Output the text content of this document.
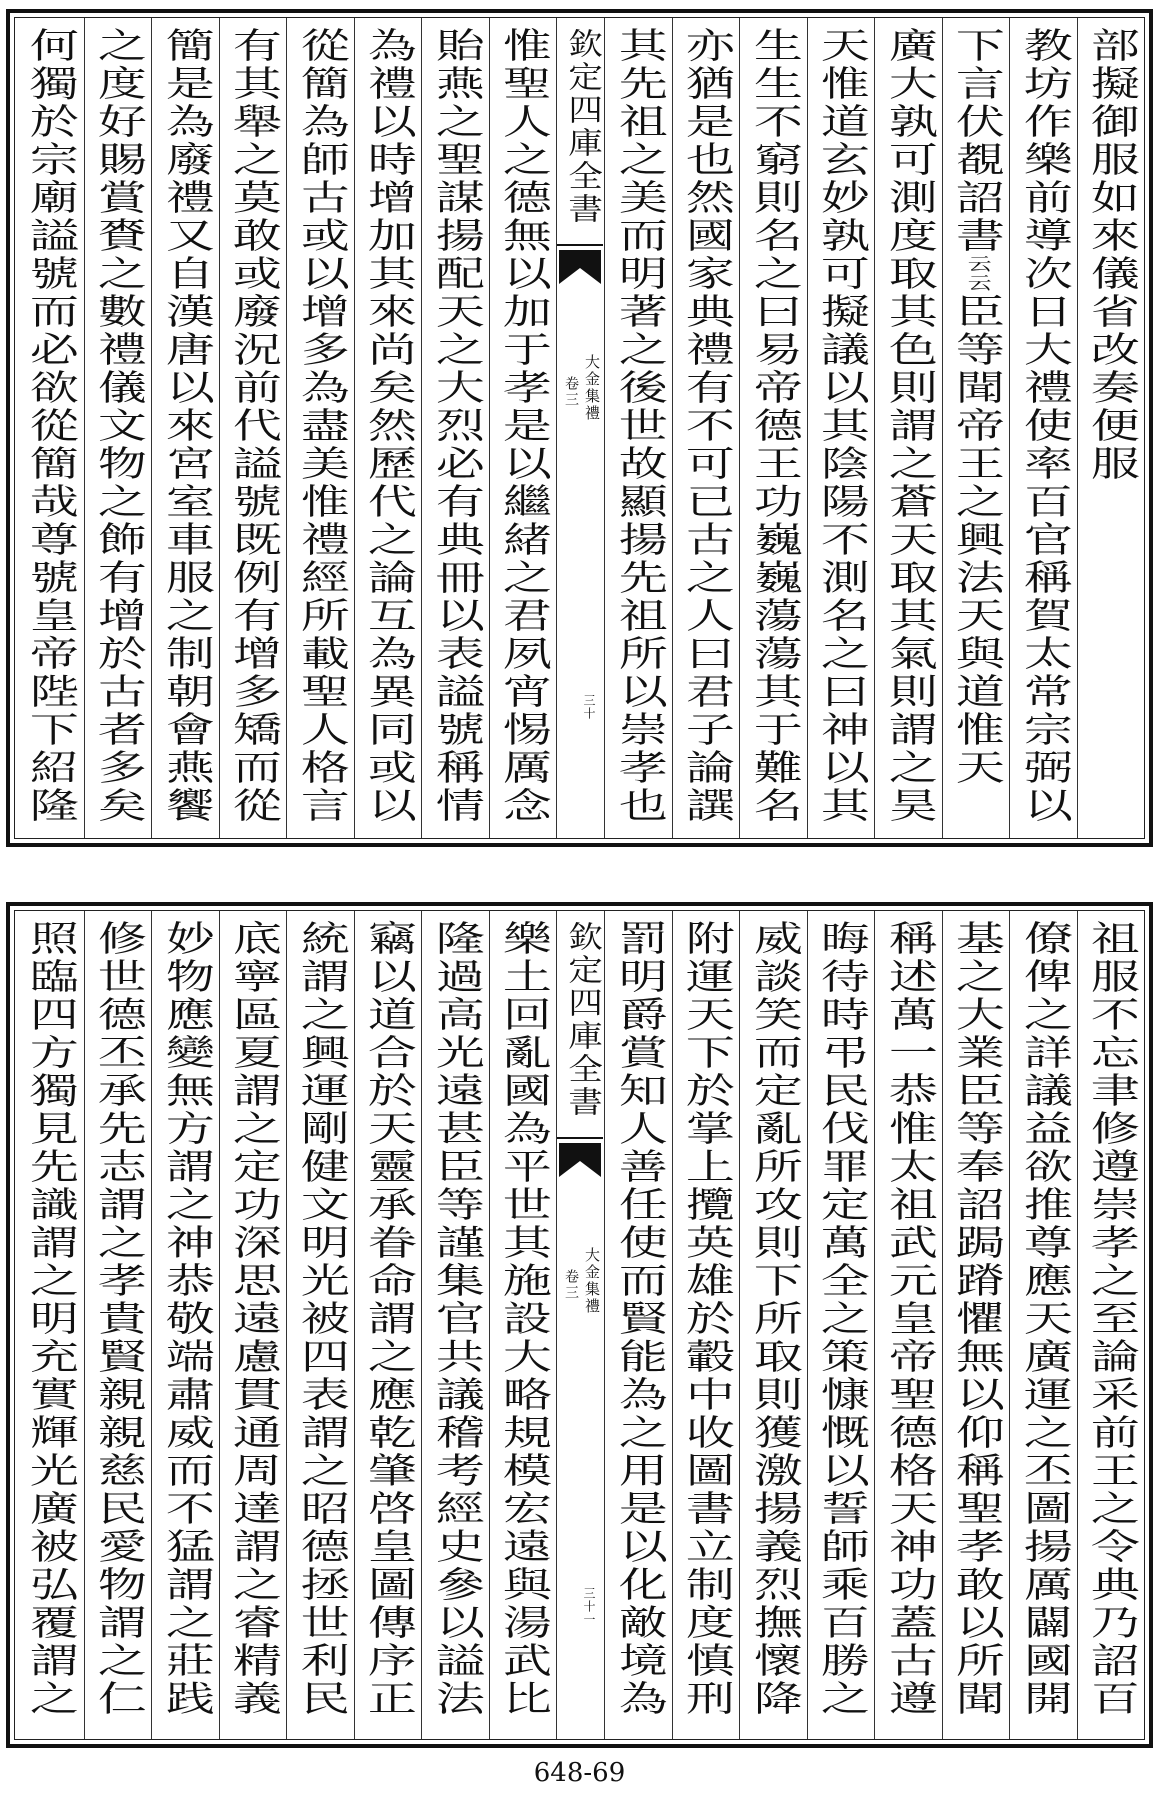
部擬御服如來儀省改奏便服
教坊作樂前導次日大禮使率百官稱賀太常宗弼以
下言伏覩詔書云云臣等聞帝王之興法天與道惟天
廣大孰可測度取其色則謂之蒼天取其氣則謂之昊
天惟道玄妙孰可擬議以其陰陽不測名之曰神以其
生生不窮則名之曰易帝德王功巍巍蕩蕩其于難名
亦猶是也然國家典禮有不可已古之人曰君子論譔
其先祖之美而明著之後世故顯揚先祖所以崇孝也
欽定四庫全書
大金集禮
卷三
三十
惟聖人之德無以加于孝是以繼緒之君夙宵惕厲念
貽燕之聖謀揚配天之大烈必有典冊以表謚號稱情
為禮以時增加其來尚矣然歷代之論互為異同或以
從簡為師古或以增多為盡美惟禮經所載聖人格言
有其舉之莫敢或廢況前代謚號既例有增多矯而從
簡是為廢禮又自漢唐以來宮室車服之制朝會燕饗
之度好賜賞賚之數禮儀文物之飾有增於古者多矣
何獨於宗廟謚號而必欲從簡哉尊號皇帝陛下紹隆
祖服不忘聿修遵崇孝之至論采前王之令典乃詔百
僚俾之詳議益欲推尊應天廣運之丕圖揚厲闢國開
基之大業臣等奉詔跼蹐懼無以仰稱聖孝敢以所聞
稱述萬一恭惟太祖武元皇帝聖德格天神功蓋古遵
晦待時弔民伐罪定萬全之策慷慨以誓師乘百勝之
威談笑而定亂所攻則下所取則獲激揚義烈撫懷降
附運天下於掌上攬英雄於轂中收圖書立制度慎刑
罰明爵賞知人善任使而賢能為之用是以化敵境為
欽定四庫全書
大金集禮
卷三
三十一
樂土回亂國為平世其施設大略規模宏遠與湯武比
隆過高光遠甚臣等謹集官共議稽考經史參以謚法
竊以道合於天靈承眷命謂之應乾肇啓皇圖傳序正
統謂之興運剛健文明光被四表謂之昭德拯世利民
底寧區夏謂之定功深思遠慮貫通周達謂之睿精義
妙物應變無方謂之神恭敬端肅威而不猛謂之莊践
修世德丕承先志謂之孝貴賢親親慈民愛物謂之仁
照臨四方獨見先識謂之明充實輝光廣被弘覆謂之
648-69
